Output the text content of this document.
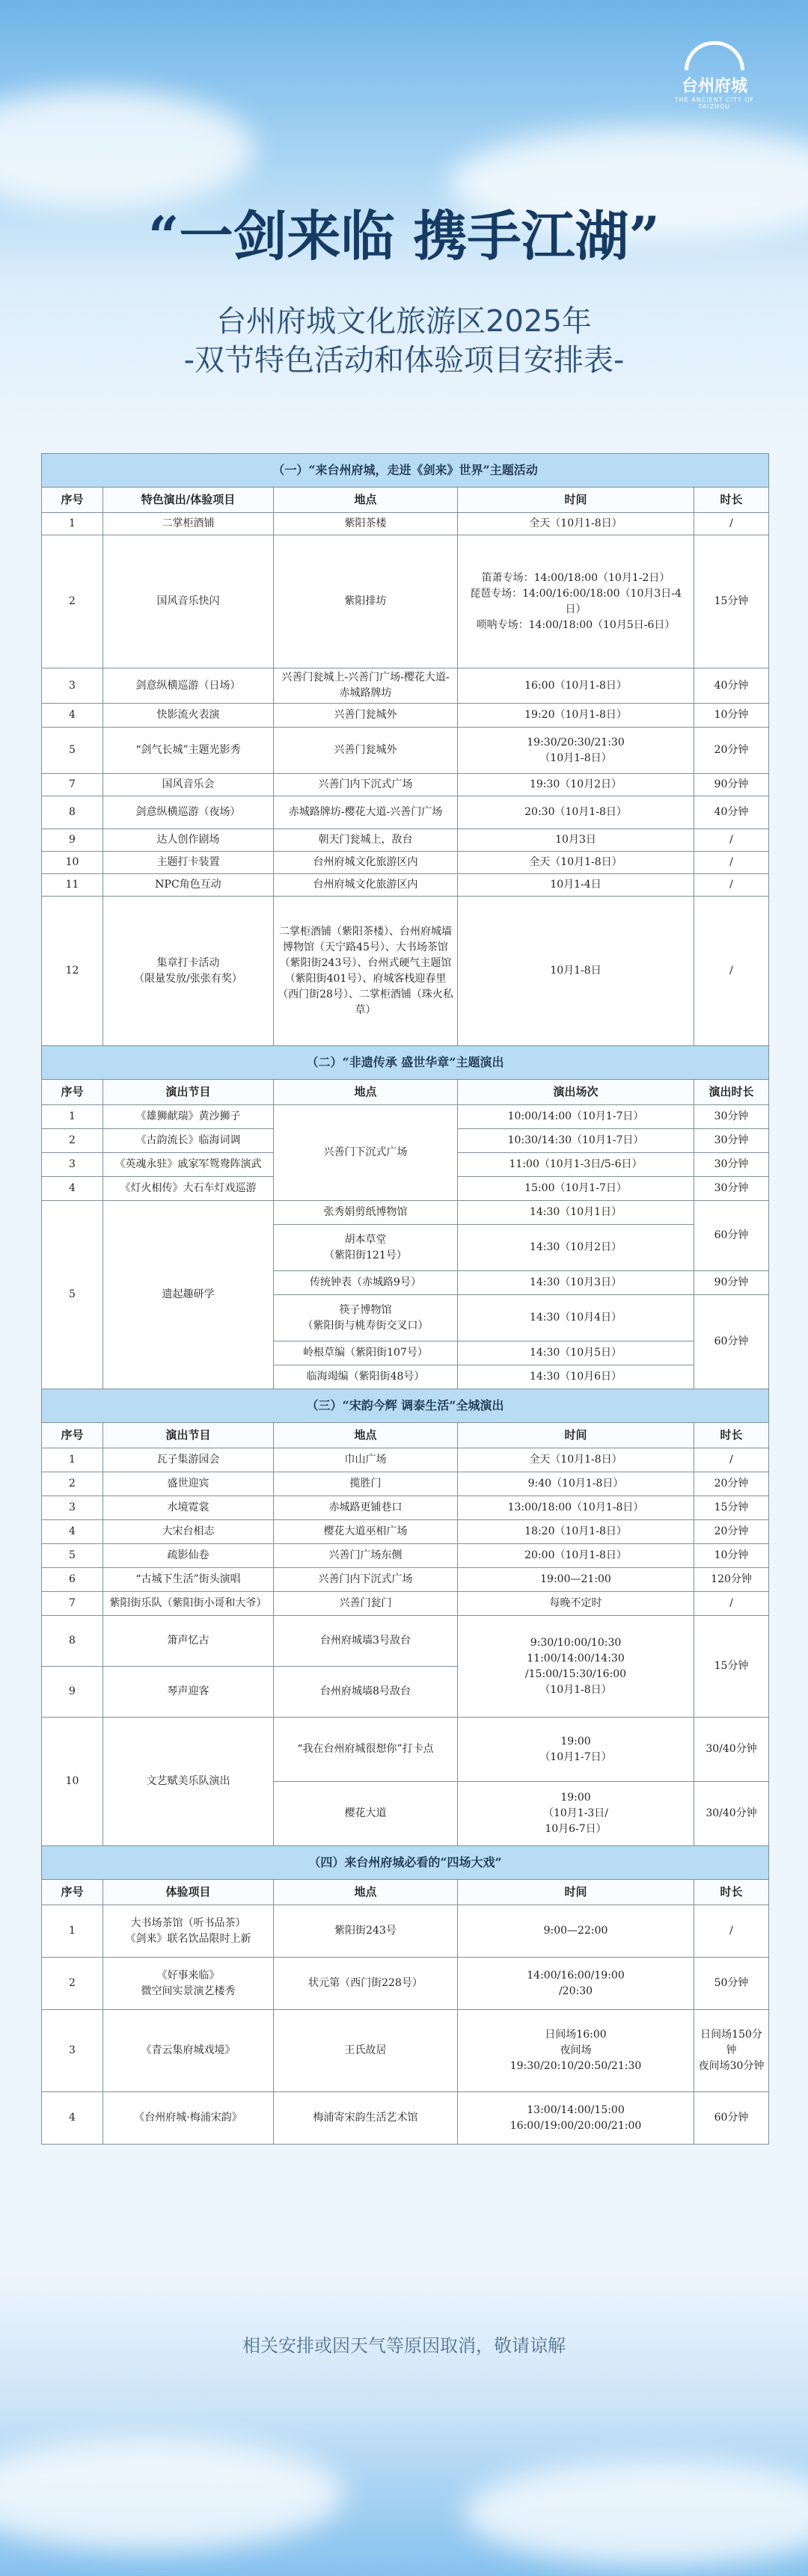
台州府城
THE ANCIENT CITY OF TAIZHOU
“一剑来临 携手江湖”
台州府城文化旅游区2025年
-双节特色活动和体验项目安排表-
（一）“来台州府城，走进《剑来》世界”主题活动				
序号	特色演出/体验项目	地点	时间	时长
1	二掌柜酒铺	紫阳茶楼	全天（10月1-8日）	/
2	国风音乐快闪	紫阳排坊	笛萧专场：14:00/18:00（10月1-2日）
琵琶专场：14:00/16:00/18:00（10月3日-4日）
唢呐专场：14:00/18:00（10月5日-6日）	15分钟
3	剑意纵横巡游（日场）	兴善门瓮城上-兴善门广场-樱花大道-赤城路牌坊	16:00（10月1-8日）	40分钟
4	快影流火表演	兴善门瓮城外	19:20（10月1-8日）	10分钟
5	“剑气长城”主题光影秀	兴善门瓮城外	19:30/20:30/21:30
（10月1-8日）	20分钟
7	国风音乐会	兴善门内下沉式广场	19:30（10月2日）	90分钟
8	剑意纵横巡游（夜场）	赤城路牌坊-樱花大道-兴善门广场	20:30（10月1-8日）	40分钟
9	达人创作剧场	朝天门瓮城上，敌台	10月3日	/
10	主题打卡装置	台州府城文化旅游区内	全天（10月1-8日）	/
11	NPC角色互动	台州府城文化旅游区内	10月1-4日	/
12	集章打卡活动
（限量发放/张张有奖）	二掌柜酒铺（紫阳茶楼）、台州府城墙博物馆（天宁路45号）、大书场茶馆（紫阳街243号）、台州式硬气主题馆（紫阳街401号）、府城客栈迎春里（西门街28号）、二掌柜酒铺（珠火私草）	10月1-8日	/
（二）“非遗传承 盛世华章”主题演出				
序号	演出节目	地点	演出场次	演出时长
1	《雄狮献瑞》黄沙狮子	兴善门下沉式广场	10:00/14:00（10月1-7日）	30分钟
2	《古韵流长》临海词调		10:30/14:30（10月1-7日）	30分钟
3	《英魂永驻》戚家军鸳鸯阵演武		11:00（10月1-3日/5-6日）	30分钟
4	《灯火相传》大石车灯戏巡游		15:00（10月1-7日）	30分钟
5	遗起趣研学	张秀娟剪纸博物馆	14:30（10月1日）	60分钟
		胡本草堂
（紫阳街121号）	14:30（10月2日）	
		传统钟表（赤城路9号）	14:30（10月3日）	90分钟
		筷子博物馆
（紫阳街与桃寿街交叉口）	14:30（10月4日）	60分钟
		岭根草编（紫阳街107号）	14:30（10月5日）	
		临海竭编（紫阳街48号）	14:30（10月6日）	
（三）“宋韵今辉 调泰生活”全城演出				
序号	演出节目	地点	时间	时长
1	瓦子集游园会	巾山广场	全天（10月1-8日）	/
2	盛世迎宾	揽胜门	9:40（10月1-8日）	20分钟
3	水境霓裳	赤城路更铺巷口	13:00/18:00（10月1-8日）	15分钟
4	大宋台相志	樱花大道巫相广场	18:20（10月1-8日）	20分钟
5	疏影仙卷	兴善门广场东侧	20:00（10月1-8日）	10分钟
6	“古城下生活”街头演唱	兴善门内下沉式广场	19:00—21:00	120分钟
7	紫阳街乐队（紫阳街小哥和大爷）	兴善门瓮门	每晚不定时	/
8	箫声忆古	台州府城墙3号敌台	9:30/10:00/10:30
11:00/14:00/14:30
/15:00/15:30/16:00
（10月1-8日）	15分钟
9	琴声迎客	台州府城墙8号敌台		
10	文艺赋美乐队演出	“我在台州府城很想你”打卡点	19:00
（10月1-7日）	30/40分钟
		樱花大道	19:00
（10月1-3日/
10月6-7日）	30/40分钟
（四）来台州府城必看的“四场大戏”				
序号	体验项目	地点	时间	时长
1	大书场茶馆（听书品茶）
《剑来》联名饮品限时上新	紫阳街243号	9:00—22:00	/
2	《好事来临》
微空间实景演艺楼秀	状元第（西门街228号）	14:00/16:00/19:00
/20:30	50分钟
3	《青云集府城戏境》	王氏故居	日间场16:00
夜间场
19:30/20:10/20:50/21:30	日间场150分钟
夜间场30分钟
4	《台州府城·梅浦宋韵》	梅浦寄宋韵生活艺术馆	13:00/14:00/15:00
16:00/19:00/20:00/21:00	60分钟
相关安排或因天气等原因取消，敬请谅解
